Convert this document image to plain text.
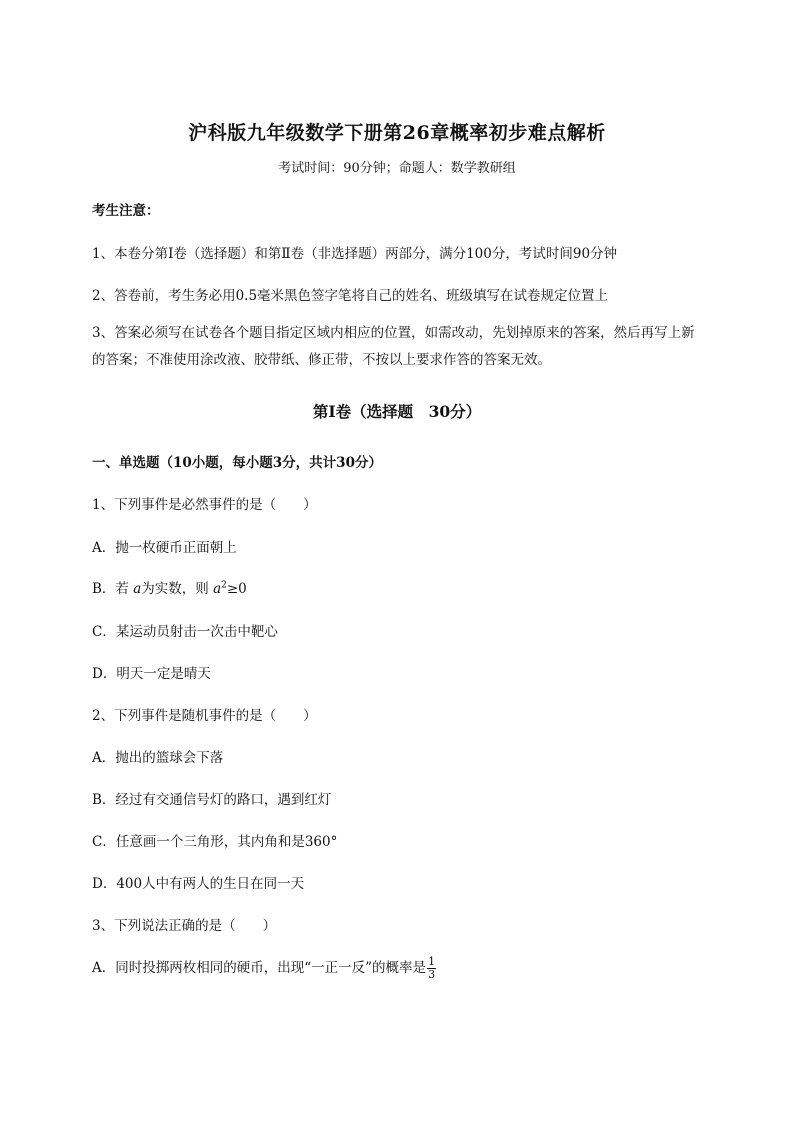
沪科版九年级数学下册第26章概率初步难点解析
考试时间：90分钟；命题人：数学教研组
考生注意：
1、本卷分第I卷（选择题）和第Ⅱ卷（非选择题）两部分，满分100分，考试时间90分钟
2、答卷前，考生务必用0.5毫米黑色签字笔将自己的姓名、班级填写在试卷规定位置上
3、答案必须写在试卷各个题目指定区域内相应的位置，如需改动，先划掉原来的答案，然后再写上新的答案；不准使用涂改液、胶带纸、修正带，不按以上要求作答的答案无效。
第I卷（选择题　30分）
一、单选题（10小题，每小题3分，共计30分）
1、下列事件是必然事件的是（　　）
A．抛一枚硬币正面朝上
B．若 a为实数，则 $a^2\ge 0$
C．某运动员射击一次击中靶心
D．明天一定是晴天
2、下列事件是随机事件的是（　　）
A．抛出的篮球会下落
B．经过有交通信号灯的路口，遇到红灯
C．任意画一个三角形，其内角和是360°
D．400人中有两人的生日在同一天
3、下列说法正确的是（　　）
A．同时投掷两枚相同的硬币，出现“一正一反”的概率是 $\frac{1}{3}$
